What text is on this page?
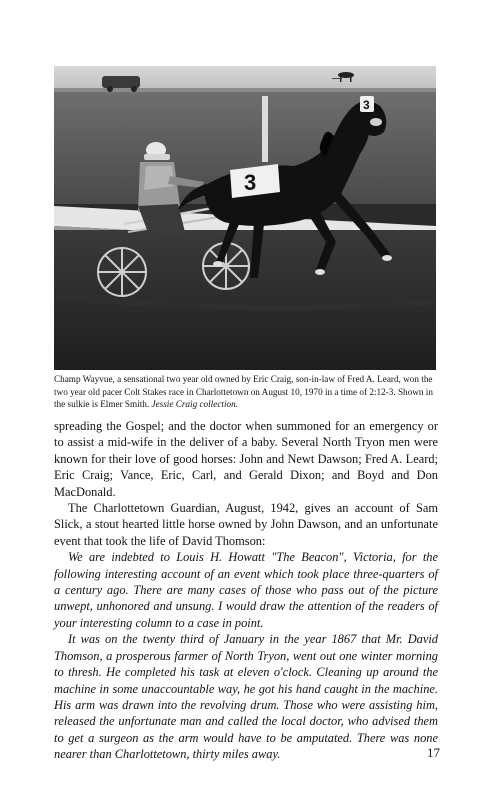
3
3

Champ Wayvue, a sensational two year old owned by Eric Craig, son-in-law of Fred A. Leard, won the two year old pacer Colt Stakes race in Charlottetown on August 10, 1970 in a time of 2:12-3. Shown in the sulkie is Elmer Smith. Jessie Craig collection.

spreading the Gospel; and the doctor when summoned for an emergency or to assist a mid-wife in the deliver of a baby. Several North Tryon men were known for their love of good horses: John and Newt Dawson; Fred A. Leard; Eric Craig; Vance, Eric, Carl, and Gerald Dixon; and Boyd and Don MacDonald.

The Charlottetown Guardian, August, 1942, gives an account of Sam Slick, a stout hearted little horse owned by John Dawson, and an unfortunate event that took the life of David Thomson:

We are indebted to Louis H. Howatt "The Beacon", Victoria, for the following interesting account of an event which took place three-quarters of a century ago. There are many cases of those who pass out of the picture unwept, unhonored and unsung. I would draw the attention of the readers of your interesting column to a case in point.

It was on the twenty third of January in the year 1867 that Mr. David Thomson, a prosperous farmer of North Tryon, went out one winter morning to thresh. He completed his task at eleven o'clock. Cleaning up around the machine in some unaccountable way, he got his hand caught in the machine. His arm was drawn into the revolving drum. Those who were assisting him, released the unfortunate man and called the local doctor, who advised them to get a surgeon as the arm would have to be amputated. There was none nearer than Charlottetown, thirty miles away.	17
